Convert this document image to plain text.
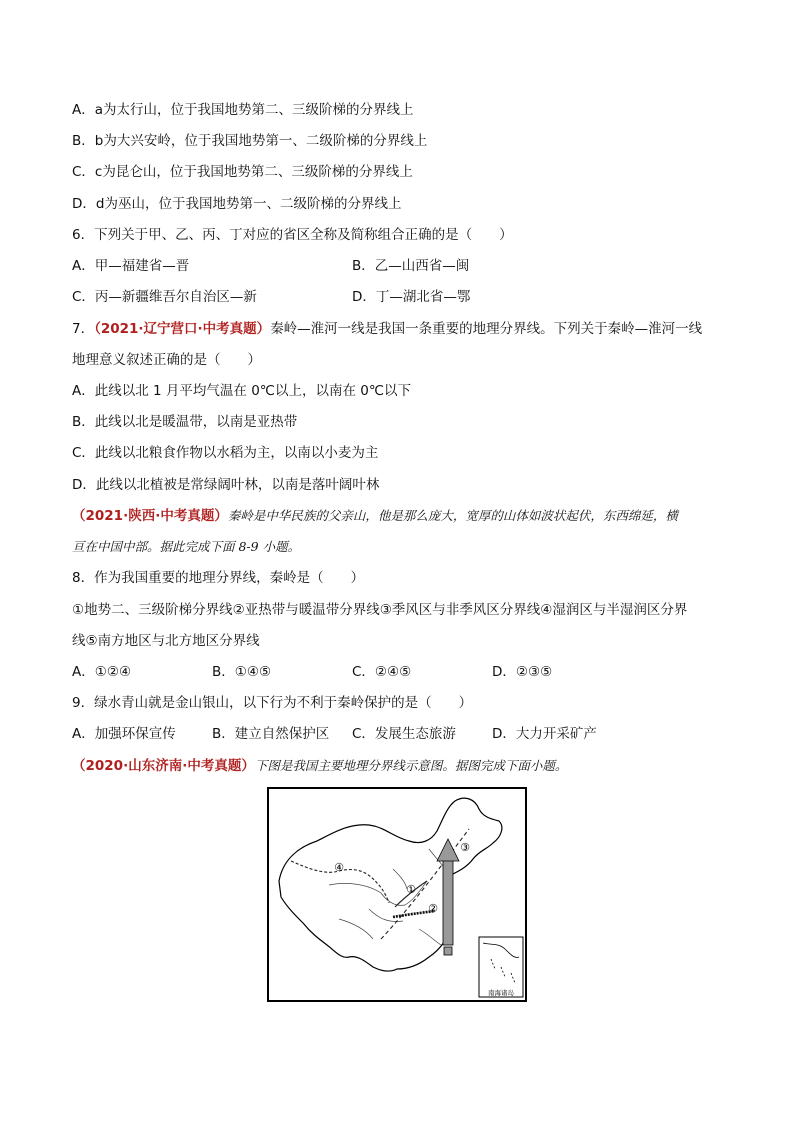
A．a为太行山，位于我国地势第二、三级阶梯的分界线上
B．b为大兴安岭，位于我国地势第一、二级阶梯的分界线上
C．c为昆仑山，位于我国地势第二、三级阶梯的分界线上
D．d为巫山，位于我国地势第一、二级阶梯的分界线上
6．下列关于甲、乙、丙、丁对应的省区全称及简称组合正确的是（　　）
A．甲—福建省—晋	B．乙—山西省—闽
C．丙—新疆维吾尔自治区—新	D．丁—湖北省—鄂
7．（2021·辽宁营口·中考真题）秦岭—淮河一线是我国一条重要的地理分界线。下列关于秦岭—淮河一线
地理意义叙述正确的是（　　）
A．此线以北 1 月平均气温在 0℃以上，以南在 0℃以下
B．此线以北是暖温带，以南是亚热带
C．此线以北粮食作物以水稻为主，以南以小麦为主
D．此线以北植被是常绿阔叶林，以南是落叶阔叶林
（2021·陕西·中考真题）秦岭是中华民族的父亲山，他是那么庞大，宽厚的山体如波状起伏，东西绵延，横
亘在中国中部。据此完成下面 8-9 小题。
8．作为我国重要的地理分界线，秦岭是（　　）
①地势二、三级阶梯分界线②亚热带与暖温带分界线③季风区与非季风区分界线④湿润区与半湿润区分界
线⑤南方地区与北方地区分界线
A．①②④	B．①④⑤	C．②④⑤	D．②③⑤
9．绿水青山就是金山银山，以下行为不利于秦岭保护的是（　　）
A．加强环保宣传	B．建立自然保护区 C．发展生态旅游	D．大力开采矿产
（2020·山东济南·中考真题）下图是我国主要地理分界线示意图。据图完成下面小题。
④
①
②
③
南海诸岛
